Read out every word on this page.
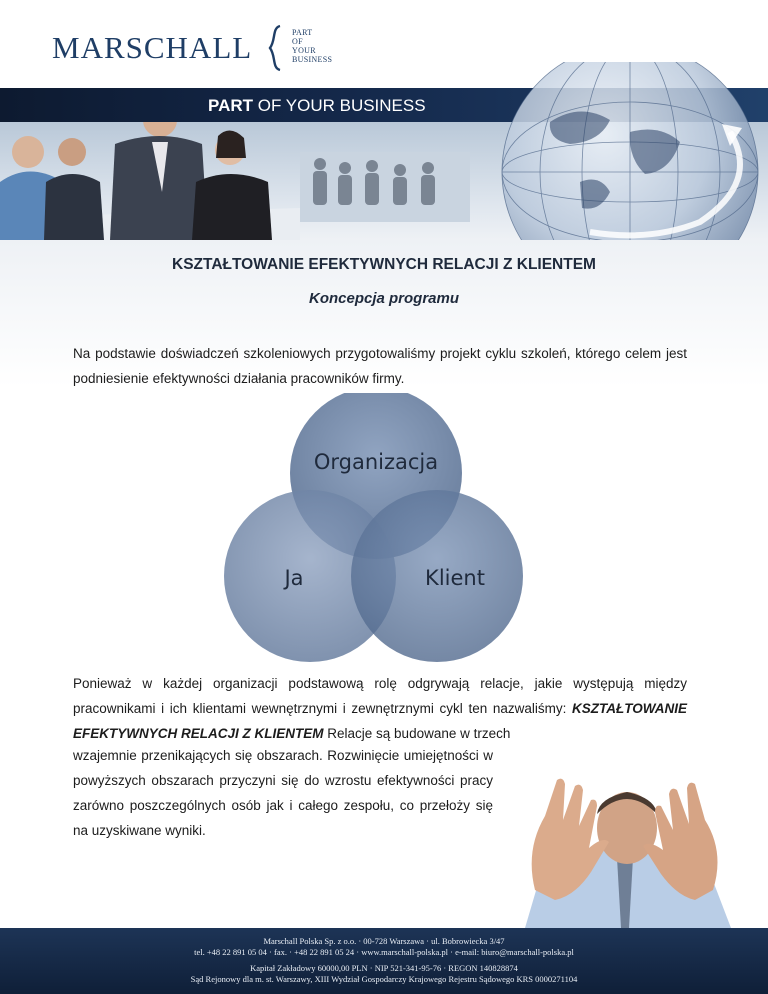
MARSCHALL	PART
OF
YOUR
BUSINESS
PART OF YOUR BUSINESS
KSZTAŁTOWANIE EFEKTYWNYCH RELACJI Z KLIENTEM
Koncepcja programu
Na podstawie doświadczeń szkoleniowych przygotowaliśmy projekt cyklu szkoleń, którego celem jest podniesienie efektywności działania pracowników firmy.
Organizacja
Ja	Klient
Ponieważ w każdej organizacji podstawową rolę odgrywają relacje, jakie występują między pracownikami i ich klientami wewnętrznymi i zewnętrznymi cykl ten nazwaliśmy: KSZTAŁTOWANIE EFEKTYWNYCH RELACJI Z KLIENTEM Relacje są budowane w trzech
wzajemnie przenikających się obszarach. Rozwinięcie umiejętności w powyższych obszarach przyczyni się do wzrostu efektywności pracy zarówno poszczególnych osób jak i całego zespołu, co przełoży się na uzyskiwane wyniki.
Marschall Polska Sp. z o.o. · 00-728 Warszawa · ul. Bobrowiecka 3/47
tel. +48 22 891 05 04 · fax. · +48 22 891 05 24 · www.marschall-polska.pl · e-mail: biuro@marschall-polska.pl
Kapitał Zakładowy 60000,00 PLN · NIP 521-341-95-76 · REGON 140828874
Sąd Rejonowy dla m. st. Warszawy, XIII Wydział Gospodarczy Krajowego Rejestru Sądowego KRS 0000271104
